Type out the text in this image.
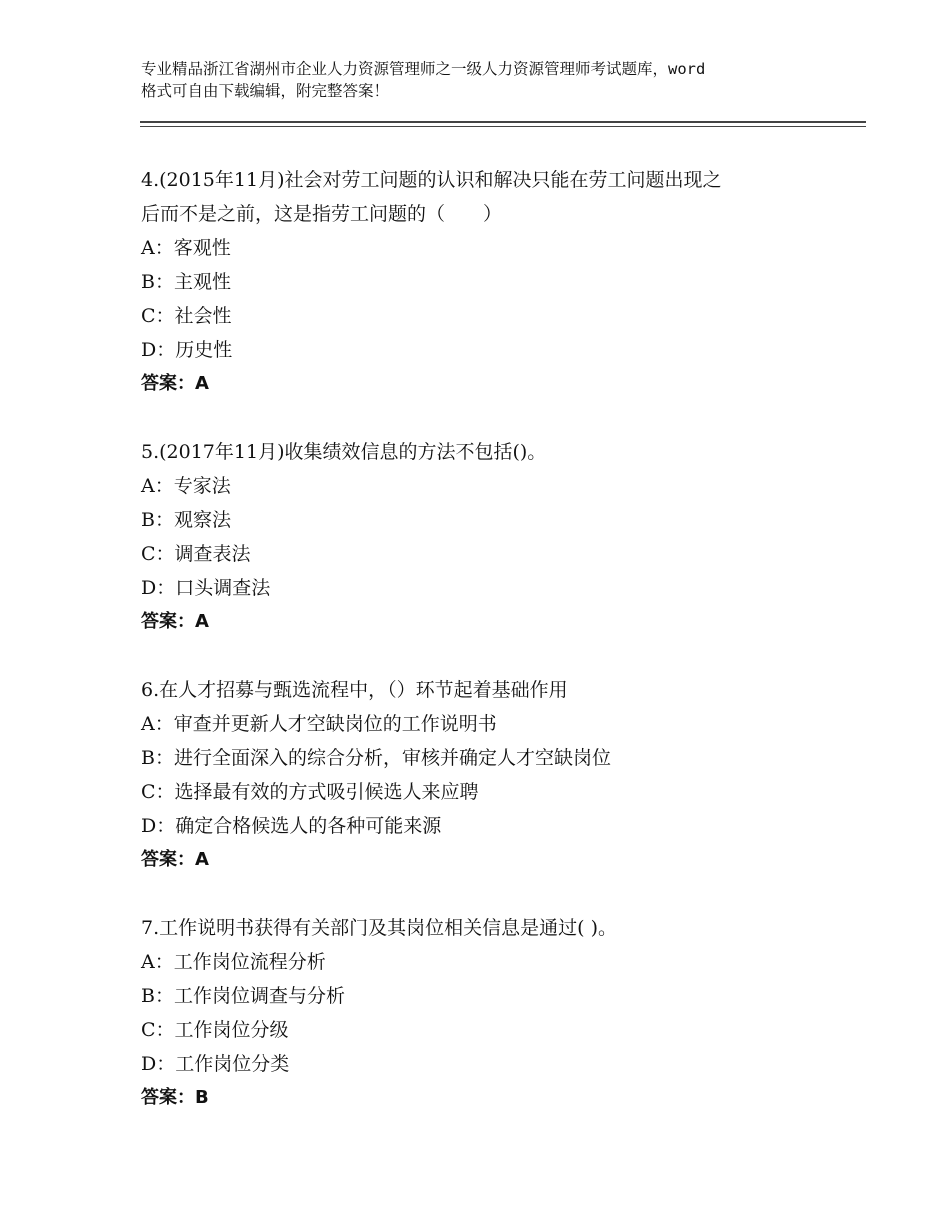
专业精品浙江省湖州市企业人力资源管理师之一级人力资源管理师考试题库，word
格式可自由下载编辑，附完整答案！
4.(2015年11月)社会对劳工问题的认识和解决只能在劳工问题出现之
后而不是之前，这是指劳工问题的（　　）
A：客观性
B：主观性
C：社会性
D：历史性
答案：A
5.(2017年11月)收集绩效信息的方法不包括()。
A：专家法
B：观察法
C：调查表法
D：口头调查法
答案：A
6.在人才招募与甄选流程中，（）环节起着基础作用
A：审查并更新人才空缺岗位的工作说明书
B：进行全面深入的综合分析，审核并确定人才空缺岗位
C：选择最有效的方式吸引候选人来应聘
D：确定合格候选人的各种可能来源
答案：A
7.工作说明书获得有关部门及其岗位相关信息是通过( )。
A：工作岗位流程分析
B：工作岗位调查与分析
C：工作岗位分级
D：工作岗位分类
答案：B
